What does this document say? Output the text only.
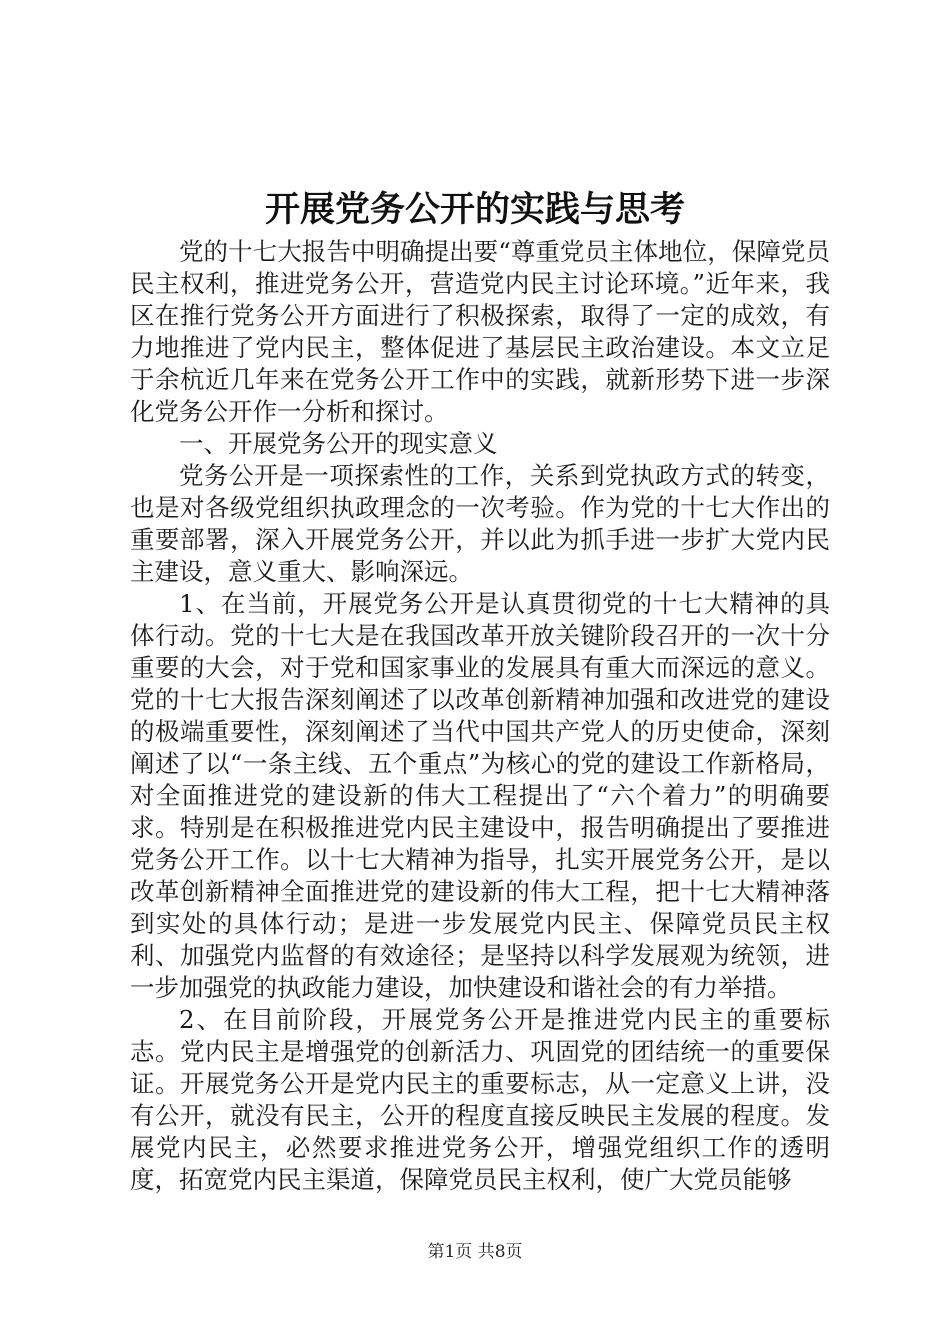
开展党务公开的实践与思考

党的十七大报告中明确提出要“尊重党员主体地位，保障党员民主权利，推进党务公开，营造党内民主讨论环境。”近年来，我区在推行党务公开方面进行了积极探索，取得了一定的成效，有力地推进了党内民主，整体促进了基层民主政治建设。本文立足于余杭近几年来在党务公开工作中的实践，就新形势下进一步深化党务公开作一分析和探讨。

一、开展党务公开的现实意义

党务公开是一项探索性的工作，关系到党执政方式的转变，也是对各级党组织执政理念的一次考验。作为党的十七大作出的重要部署，深入开展党务公开，并以此为抓手进一步扩大党内民主建设，意义重大、影响深远。

1、在当前，开展党务公开是认真贯彻党的十七大精神的具体行动。党的十七大是在我国改革开放关键阶段召开的一次十分重要的大会，对于党和国家事业的发展具有重大而深远的意义。党的十七大报告深刻阐述了以改革创新精神加强和改进党的建设的极端重要性，深刻阐述了当代中国共产党人的历史使命，深刻阐述了以“一条主线、五个重点”为核心的党的建设工作新格局，对全面推进党的建设新的伟大工程提出了“六个着力”的明确要求。特别是在积极推进党内民主建设中，报告明确提出了要推进党务公开工作。以十七大精神为指导，扎实开展党务公开，是以改革创新精神全面推进党的建设新的伟大工程，把十七大精神落到实处的具体行动；是进一步发展党内民主、保障党员民主权利、加强党内监督的有效途径；是坚持以科学发展观为统领，进一步加强党的执政能力建设，加快建设和谐社会的有力举措。

2、在目前阶段，开展党务公开是推进党内民主的重要标志。党内民主是增强党的创新活力、巩固党的团结统一的重要保证。开展党务公开是党内民主的重要标志，从一定意义上讲，没有公开，就没有民主，公开的程度直接反映民主发展的程度。发展党内民主，必然要求推进党务公开，增强党组织工作的透明度，拓宽党内民主渠道，保障党员民主权利，使广大党员能够

第1页 共8页
